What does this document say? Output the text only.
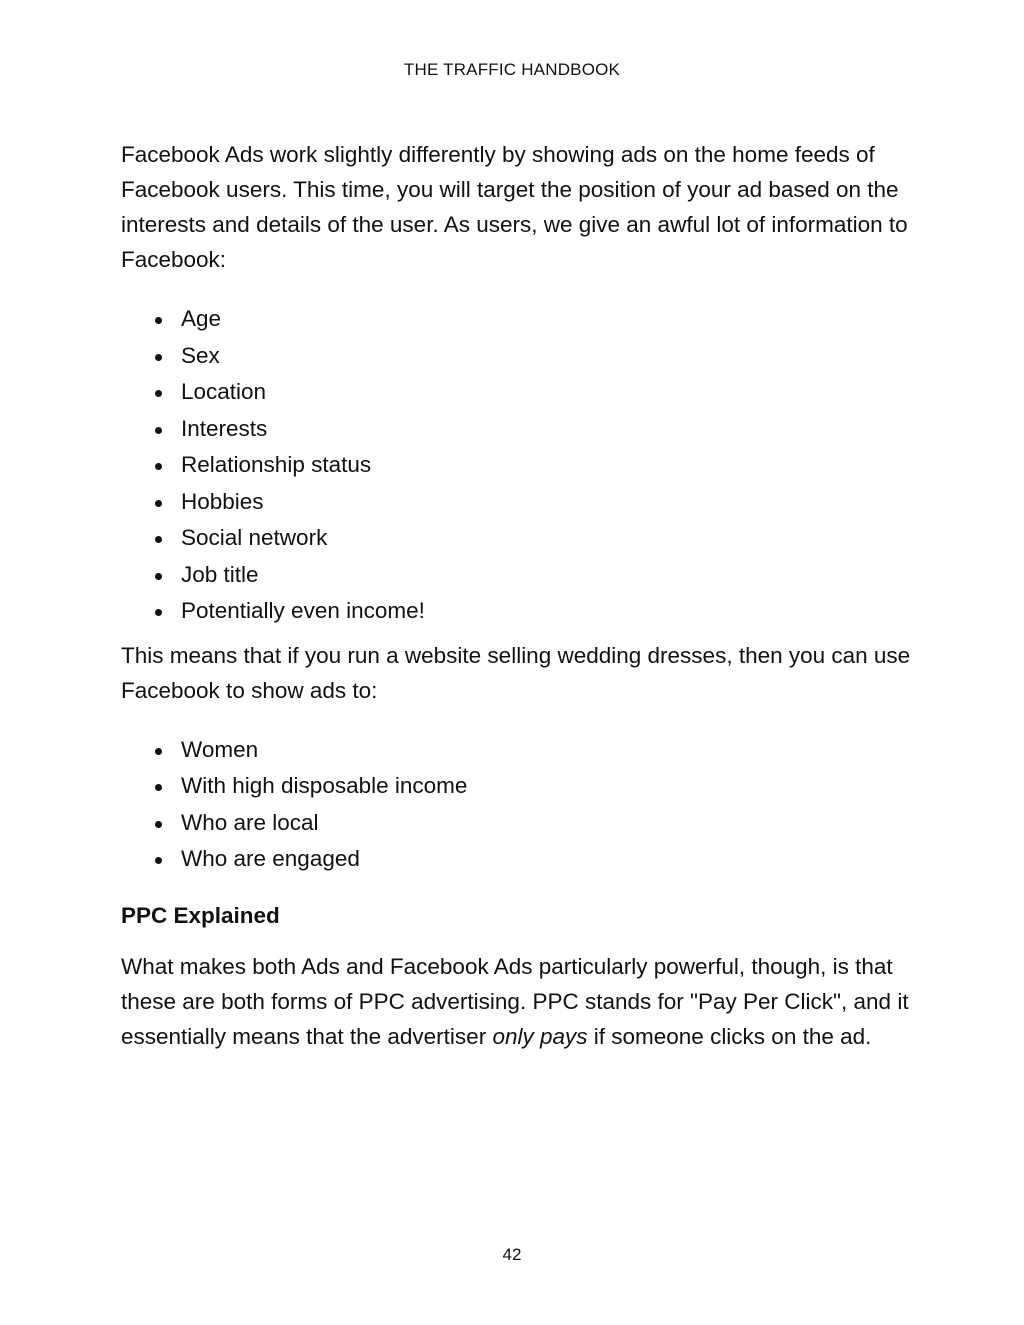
THE TRAFFIC HANDBOOK

Facebook Ads work slightly differently by showing ads on the home feeds of Facebook users. This time, you will target the position of your ad based on the interests and details of the user. As users, we give an awful lot of information to Facebook:

Age
Sex
Location
Interests
Relationship status
Hobbies
Social network
Job title
Potentially even income!

This means that if you run a website selling wedding dresses, then you can use Facebook to show ads to:

Women
With high disposable income
Who are local
Who are engaged
PPC Explained

What makes both Ads and Facebook Ads particularly powerful, though, is that these are both forms of PPC advertising. PPC stands for "Pay Per Click", and it essentially means that the advertiser only pays if someone clicks on the ad.

42
